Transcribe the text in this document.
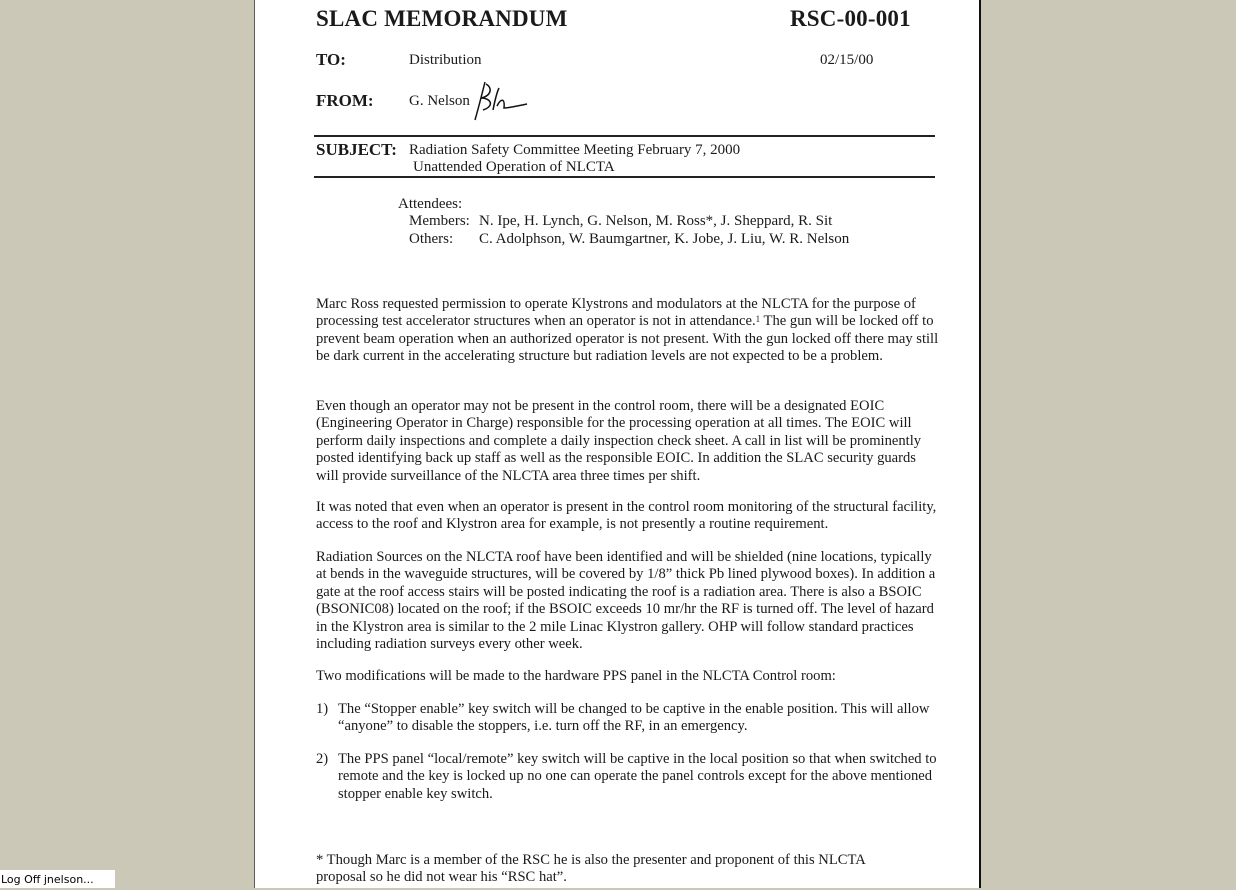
SLAC MEMORANDUM	RSC-00-001
TO:	Distribution	02/15/00
FROM: G. Nelson
SUBJECT: Radiation Safety Committee Meeting February 7, 2000
Unattended Operation of NLCTA
Attendees:
Members: N. Ipe, H. Lynch, G. Nelson, M. Ross*, J. Sheppard, R. Sit
Others: C. Adolphson, W. Baumgartner, K. Jobe, J. Liu, W. R. Nelson
Marc Ross requested permission to operate Klystrons and modulators at the NLCTA for the purpose of processing test accelerator structures when an operator is not in attendance.$^1$ The gun will be locked off to prevent beam operation when an authorized operator is not present. With the gun locked off there may still be dark current in the accelerating structure but radiation levels are not expected to be a problem.
Even though an operator may not be present in the control room, there will be a designated EOIC (Engineering Operator in Charge) responsible for the processing operation at all times. The EOIC will perform daily inspections and complete a daily inspection check sheet. A call in list will be prominently posted identifying back up staff as well as the responsible EOIC. In addition the SLAC security guards will provide surveillance of the NLCTA area three times per shift.
It was noted that even when an operator is present in the control room monitoring of the structural facility, access to the roof and Klystron area for example, is not presently a routine requirement.
Radiation Sources on the NLCTA roof have been identified and will be shielded (nine locations, typically at bends in the waveguide structures, will be covered by 1/8” thick Pb lined plywood boxes). In addition a gate at the roof access stairs will be posted indicating the roof is a radiation area. There is also a BSOIC (BSONIC08) located on the roof; if the BSOIC exceeds 10 mr/hr the RF is turned off. The level of hazard in the Klystron area is similar to the 2 mile Linac Klystron gallery. OHP will follow standard practices including radiation surveys every other week.
Two modifications will be made to the hardware PPS panel in the NLCTA Control room:
1) The “Stopper enable” key switch will be changed to be captive in the enable position. This will allow “anyone” to disable the stoppers, i.e. turn off the RF, in an emergency.
2) The PPS panel “local/remote” key switch will be captive in the local position so that when switched to remote and the key is locked up no one can operate the panel controls except for the above mentioned stopper enable key switch.
* Though Marc is a member of the RSC he is also the presenter and proponent of this NLCTA proposal so he did not wear his “RSC hat”.
Log Off jnelson...
